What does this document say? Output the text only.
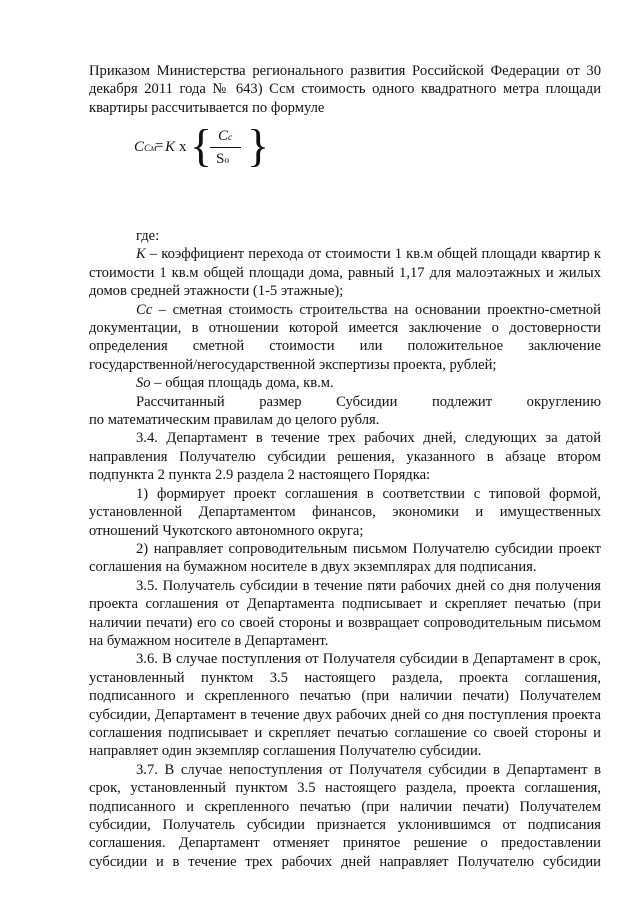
Приказом Министерства регионального развития Российской Федерации от 30 декабря 2011 года № 643) Ссм стоимость одного квадратного метра площади квартиры рассчитывается по формуле

ССм
= К х { Сс
Sо }

где:

К – коэффициент перехода от стоимости 1 кв.м общей площади квартир к стоимости 1 кв.м общей площади дома, равный 1,17 для малоэтажных и жилых домов средней этажности (1-5 этажные);

Сс – сметная стоимость строительства на основании проектно-сметной документации, в отношении которой имеется заключение о достоверности определения сметной стоимости или положительное заключение государственной/негосударственной экспертизы проекта, рублей;

Sо – общая площадь дома, кв.м.

Рассчитанный размер Субсидии подлежит округлению

по математическим правилам до целого рубля.

3.4. Департамент в течение трех рабочих дней, следующих за датой направления Получателю субсидии решения, указанного в абзаце втором подпункта 2 пункта 2.9 раздела 2 настоящего Порядка:

1) формирует проект соглашения в соответствии с типовой формой, установленной Департаментом финансов, экономики и имущественных отношений Чукотского автономного округа;

2) направляет сопроводительным письмом Получателю субсидии проект соглашения на бумажном носителе в двух экземплярах для подписания.

3.5. Получатель субсидии в течение пяти рабочих дней со дня получения проекта соглашения от Департамента подписывает и скрепляет печатью (при наличии печати) его со своей стороны и возвращает сопроводительным письмом на бумажном носителе в Департамент.

3.6. В случае поступления от Получателя субсидии в Департамент в срок, установленный пунктом 3.5 настоящего раздела, проекта соглашения, подписанного и скрепленного печатью (при наличии печати) Получателем субсидии, Департамент в течение двух рабочих дней со дня поступления проекта соглашения подписывает и скрепляет печатью соглашение со своей стороны и направляет один экземпляр соглашения Получателю субсидии.

3.7. В случае непоступления от Получателя субсидии в Департамент в срок, установленный пунктом 3.5 настоящего раздела, проекта соглашения, подписанного и скрепленного печатью (при наличии печати) Получателем субсидии, Получатель субсидии признается уклонившимся от подписания соглашения. Департамент отменяет принятое решение о предоставлении субсидии и в течение трех рабочих дней направляет Получателю субсидии
